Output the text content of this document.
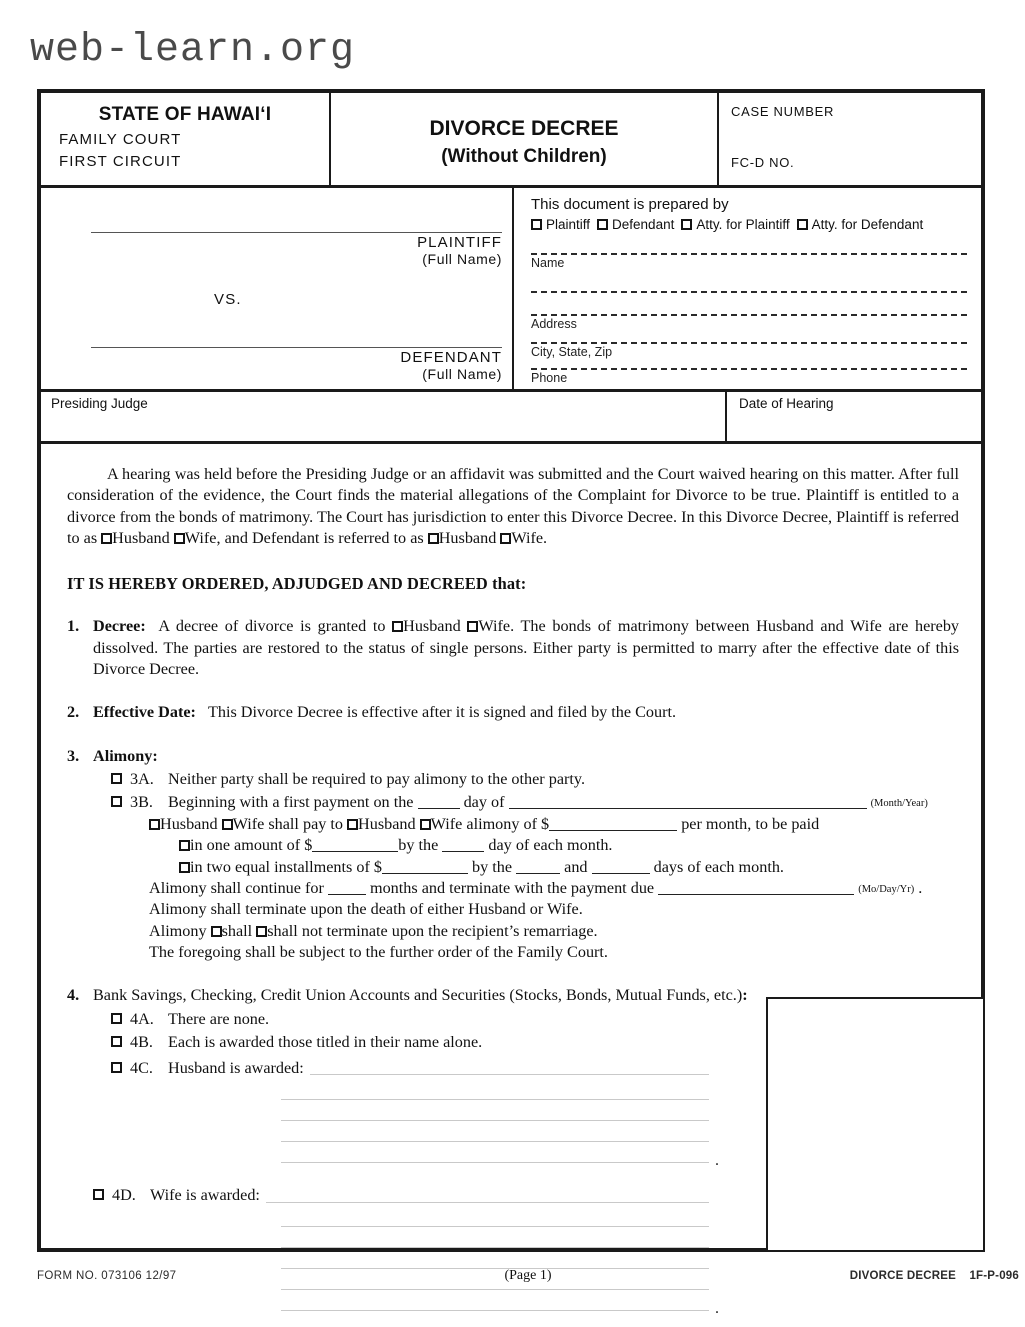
web-learn.org
STATE OF HAWAI‘I
FAMILY COURT
FIRST CIRCUIT
DIVORCE DECREE
(Without Children)
CASE NUMBER
FC-D NO.
PLAINTIFF
(Full Name)
VS.
DEFENDANT
(Full Name)
This document is prepared by
Plaintiff Defendant Atty. for Plaintiff Atty. for Defendant
Name
Address
City, State, Zip
Phone
Presiding Judge	Date of Hearing
A hearing was held before the Presiding Judge or an affidavit was submitted and the Court waived hearing on this matter. After full consideration of the evidence, the Court finds the material allegations of the Complaint for Divorce to be true. Plaintiff is entitled to a divorce from the bonds of matrimony. The Court has jurisdiction to enter this Divorce Decree. In this Divorce Decree, Plaintiff is referred to as Husband Wife, and Defendant is referred to as Husband Wife.
IT IS HEREBY ORDERED, ADJUDGED AND DECREED that:
1. Decree: A decree of divorce is granted to Husband Wife. The bonds of matrimony between Husband and Wife are hereby dissolved. The parties are restored to the status of single persons. Either party is permitted to marry after the effective date of this Divorce Decree.
2. Effective Date: This Divorce Decree is effective after it is signed and filed by the Court.
3. Alimony:
3A. Neither party shall be required to pay alimony to the other party.
3B. Beginning with a first payment on the	day of	(Month/Year)
Husband Wife shall pay to Husband Wife alimony of $	per month, to be paid
in one amount of $	by the	day of each month.
in two equal installments of $	by the	and	days of each month.
Alimony shall continue for	months and terminate with the payment due	(Mo/Day/Yr) .
Alimony shall terminate upon the death of either Husband or Wife.
Alimony shall shall not terminate upon the recipient’s remarriage.
The foregoing shall be subject to the further order of the Family Court.
4. Bank Savings, Checking, Credit Union Accounts and Securities (Stocks, Bonds, Mutual Funds, etc.):
4A. There are none.
4B. Each is awarded those titled in their name alone.
4C. Husband is awarded:
.
4D. Wife is awarded:
.
FORM NO. 073106 12/97	(Page 1)	DIVORCE DECREE 1F-P-096
